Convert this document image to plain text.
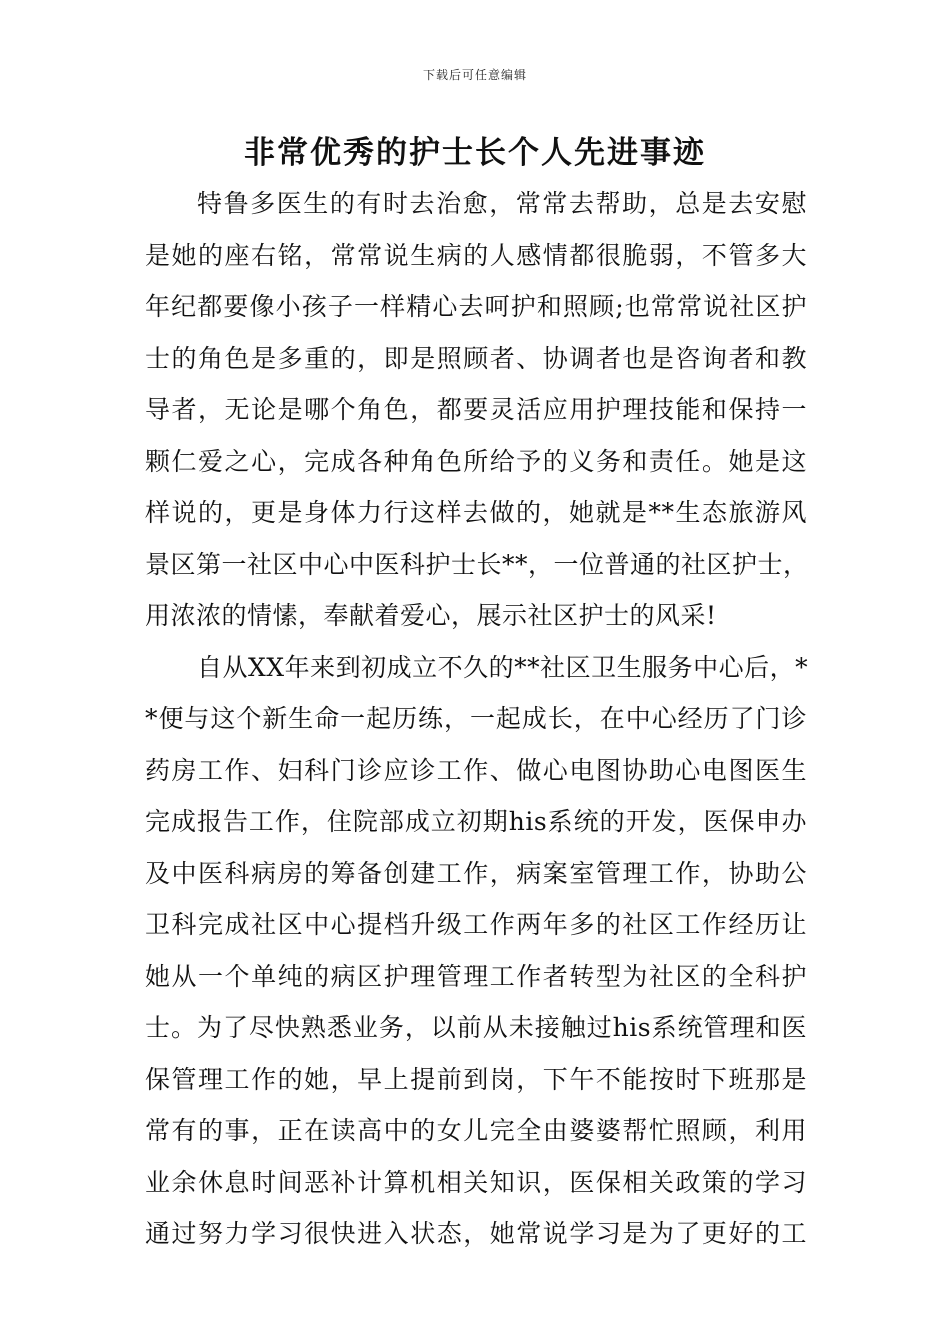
下载后可任意编辑
非常优秀的护士长个人先进事迹
特鲁多医生的有时去治愈，常常去帮助，总是去安慰
是她的座右铭，常常说生病的人感情都很脆弱，不管多大
年纪都要像小孩子一样精心去呵护和照顾;也常常说社区护
士的角色是多重的，即是照顾者、协调者也是咨询者和教
导者，无论是哪个角色，都要灵活应用护理技能和保持一
颗仁爱之心，完成各种角色所给予的义务和责任。她是这
样说的，更是身体力行这样去做的，她就是**生态旅游风
景区第一社区中心中医科护士长**，一位普通的社区护士，
用浓浓的情愫，奉献着爱心，展示社区护士的风采!
自从XX年来到初成立不久的**社区卫生服务中心后，*
*便与这个新生命一起历练，一起成长，在中心经历了门诊
药房工作、妇科门诊应诊工作、做心电图协助心电图医生
完成报告工作，住院部成立初期his系统的开发，医保申办
及中医科病房的筹备创建工作，病案室管理工作，协助公
卫科完成社区中心提档升级工作两年多的社区工作经历让
她从一个单纯的病区护理管理工作者转型为社区的全科护
士。为了尽快熟悉业务，以前从未接触过his系统管理和医
保管理工作的她，早上提前到岗，下午不能按时下班那是
常有的事，正在读高中的女儿完全由婆婆帮忙照顾，利用
业余休息时间恶补计算机相关知识，医保相关政策的学习
通过努力学习很快进入状态，她常说学习是为了更好的工
